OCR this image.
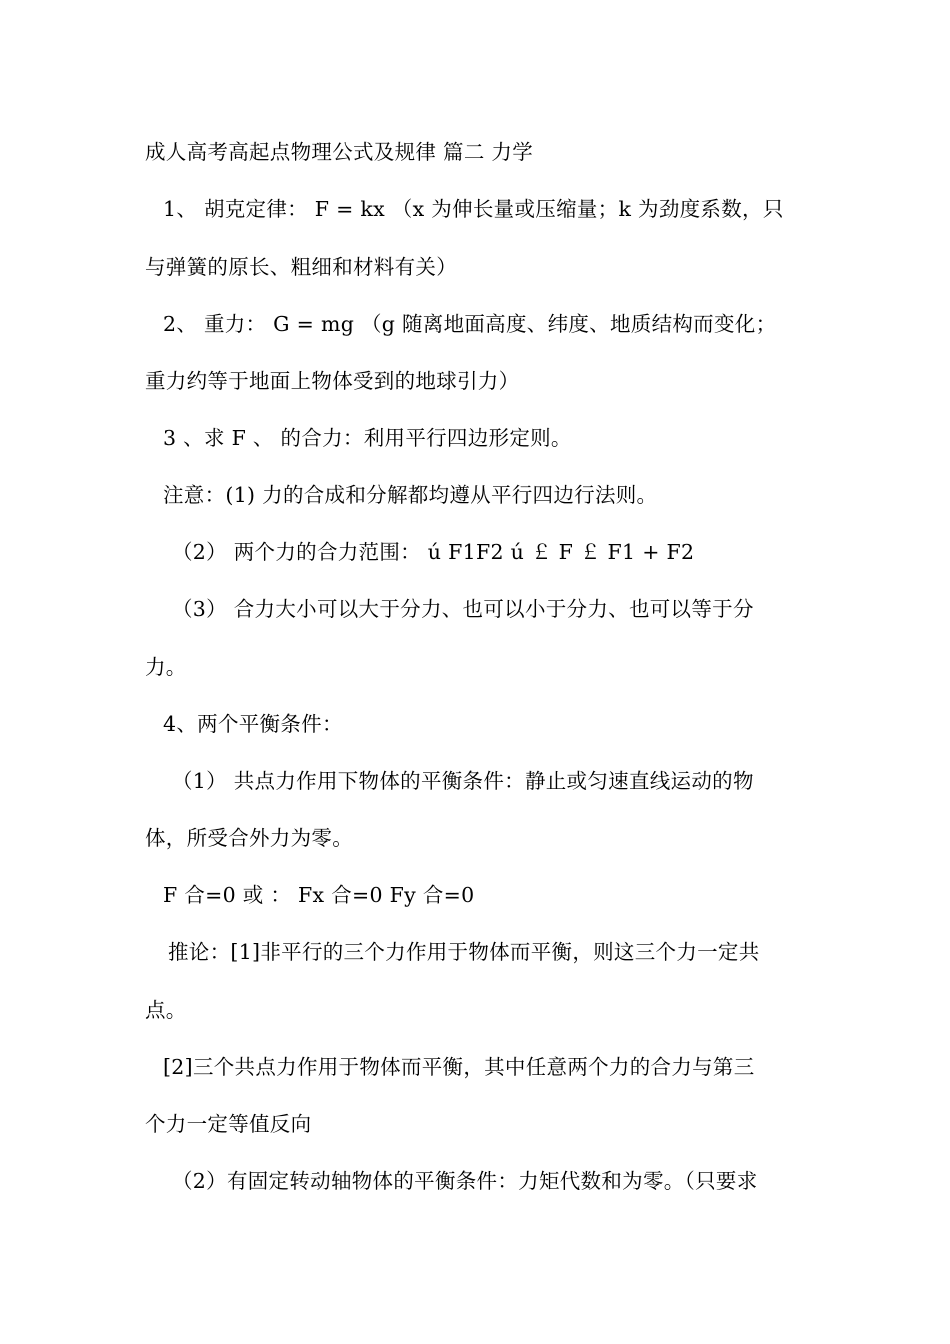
成人高考高起点物理公式及规律 篇二 力学
1、 胡克定律： F = kx （x 为伸长量或压缩量；k 为劲度系数，只
与弹簧的原长、粗细和材料有关）
2、 重力： G = mg （g 随离地面高度、纬度、地质结构而变化；
重力约等于地面上物体受到的地球引力）
3 、求 F 、 的合力：利用平行四边形定则。
注意：(1) 力的合成和分解都均遵从平行四边行法则。
（2） 两个力的合力范围： ú F1F2 ú ￡ F ￡ F1 + F2
（3） 合力大小可以大于分力、也可以小于分力、也可以等于分
力。
4、两个平衡条件：
（1） 共点力作用下物体的平衡条件：静止或匀速直线运动的物
体，所受合外力为零。
F 合=0 或 ： Fx 合=0 Fy 合=0
推论：[1]非平行的三个力作用于物体而平衡，则这三个力一定共
点。
[2]三个共点力作用于物体而平衡，其中任意两个力的合力与第三
个力一定等值反向
（2）有固定转动轴物体的平衡条件：力矩代数和为零。（只要求
